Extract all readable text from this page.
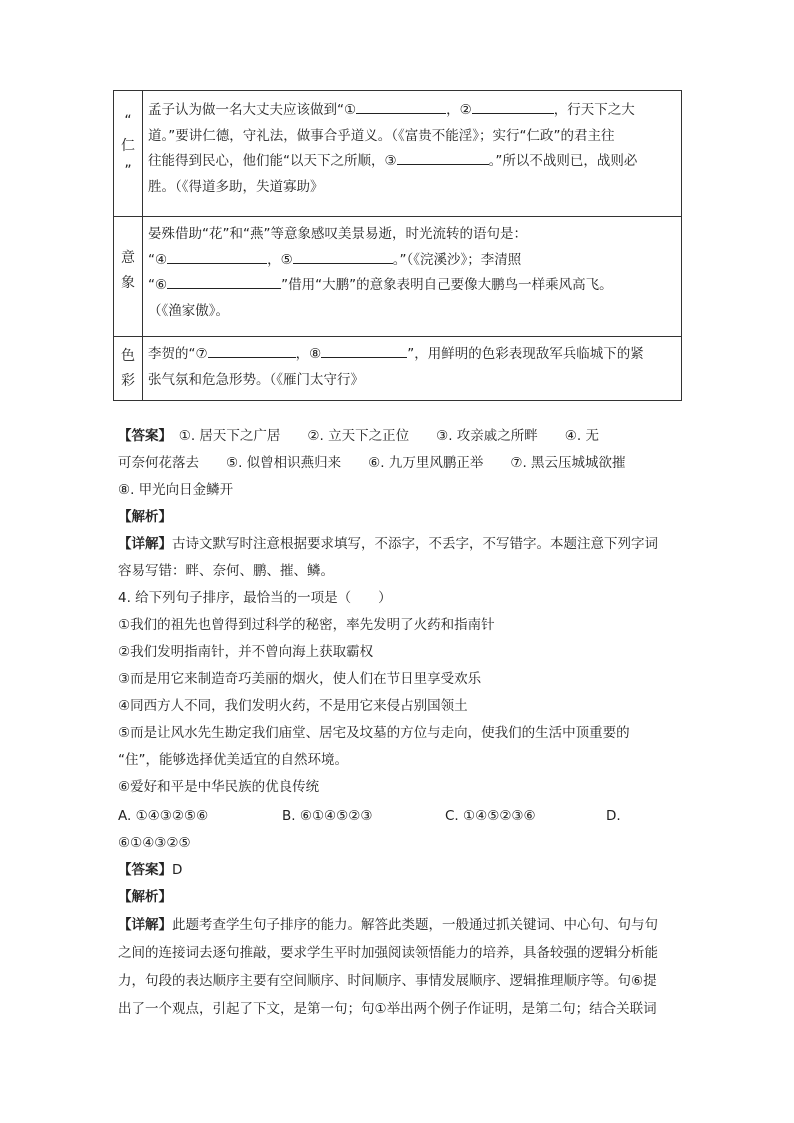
“
仁
”
孟子认为做一名大丈夫应该做到“①	，②	，行天下之大
道。”要讲仁德，守礼法，做事合乎道义。（《富贵不能淫》；实行“仁政”的君主往
往能得到民心，他们能“以天下之所顺，③	。”所以不战则已，战则必
胜。（《得道多助，失道寡助》
意
象
晏殊借助“花”和“燕”等意象感叹美景易逝，时光流转的语句是：
“④	，⑤	。”（《浣溪沙》；李清照
“⑥	”借用“大鹏”的意象表明自己要像大鹏鸟一样乘风高飞。
（《渔家傲》。
色
彩
李贺的“⑦	，⑧	”，用鲜明的色彩表现敌军兵临城下的紧
张气氛和危急形势。（《雁门太守行》
【答案】　 ①. 居天下之广居　　②. 立天下之正位　　③. 攻亲戚之所畔　　④. 无
可奈何花落去　　⑤. 似曾相识燕归来　　⑥. 九万里风鹏正举　　⑦. 黑云压城城欲摧
⑧. 甲光向日金鳞开
【解析】
【详解】古诗文默写时注意根据要求填写，不添字，不丢字，不写错字。本题注意下列字词
容易写错：畔、奈何、鹏、摧、鳞。
4. 给下列句子排序，最恰当的一项是（　　）
①我们的祖先也曾得到过科学的秘密，率先发明了火药和指南针
②我们发明指南针，并不曾向海上获取霸权
③而是用它来制造奇巧美丽的烟火，使人们在节日里享受欢乐
④同西方人不同，我们发明火药，不是用它来侵占别国领土
⑤而是让风水先生勘定我们庙堂、居宅及坟墓的方位与走向，使我们的生活中顶重要的
“住”，能够选择优美适宜的自然环境。
⑥爱好和平是中华民族的优良传统
A. ①④③②⑤⑥	B. ⑥①④⑤②③	C. ①④⑤②③⑥	D.
⑥①④③②⑤
【答案】D
【解析】
【详解】此题考查学生句子排序的能力。解答此类题，一般通过抓关键词、中心句、句与句
之间的连接词去逐句推敲，要求学生平时加强阅读领悟能力的培养，具备较强的逻辑分析能
力，句段的表达顺序主要有空间顺序、时间顺序、事情发展顺序、逻辑推理顺序等。句⑥提
出了一个观点，引起了下文，是第一句；句①举出两个例子作证明，是第二句；结合关联词
